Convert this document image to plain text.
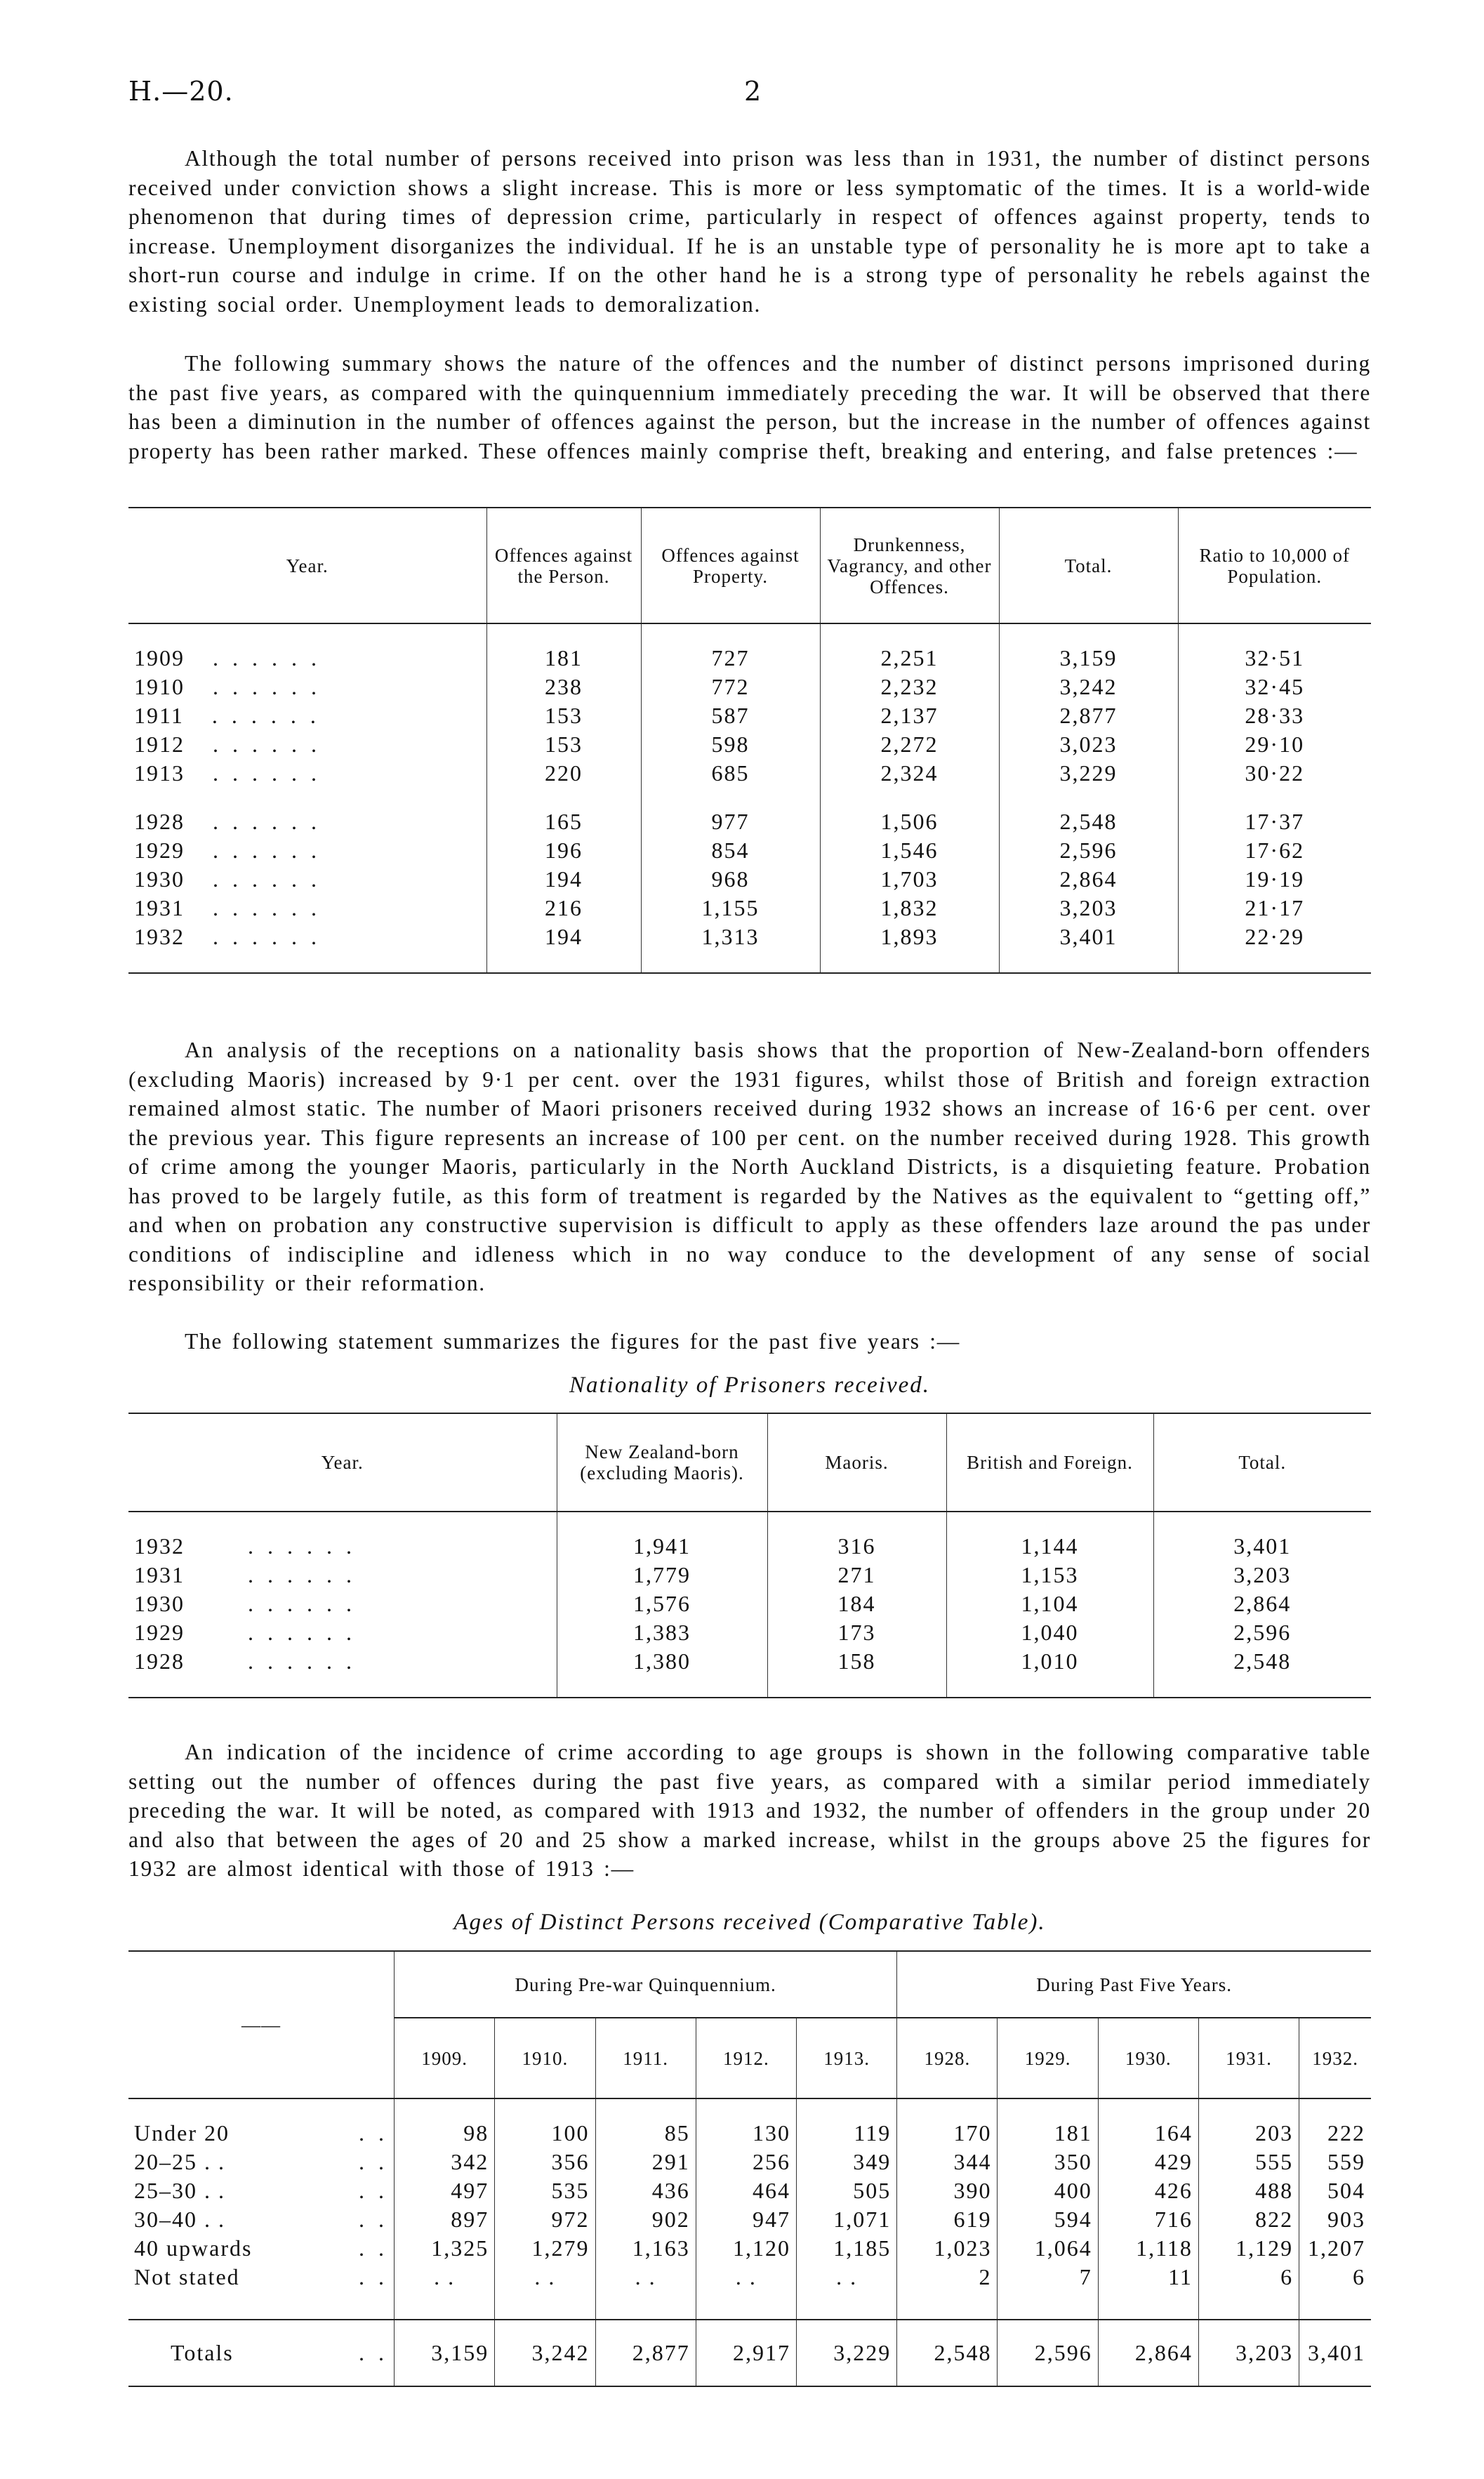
H.—20.	2

Although the total number of persons received into prison was less than in 1931, the number of distinct persons received under conviction shows a slight increase. This is more or less symptomatic of the times. It is a world-wide phenomenon that during times of depression crime, particularly in respect of offences against property, tends to increase. Unemployment disorganizes the individual. If he is an unstable type of personality he is more apt to take a short-run course and indulge in crime. If on the other hand he is a strong type of personality he rebels against the existing social order. Unemployment leads to demoralization.

The following summary shows the nature of the offences and the number of distinct persons imprisoned during the past five years, as compared with the quinquennium immediately preceding the war. It will be observed that there has been a diminution in the number of offences against the person, but the increase in the number of offences against property has been rather marked. These offences mainly comprise theft, breaking and entering, and false pretences :—

Year.	Offences against the Person.	Offences against Property.	Drunkenness, Vagrancy, and other Offences.	Total.	Ratio to 10,000 of Population.

1909 . . . . . .	181	727	2,251	3,159	32·51
1910 . . . . . .	238	772	2,232	3,242	32·45
1911 . . . . . .	153	587	2,137	2,877	28·33
1912 . . . . . .	153	598	2,272	3,023	29·10
1913 . . . . . .	220	685	2,324	3,229	30·22

1928 . . . . . .	165	977	1,506	2,548	17·37
1929 . . . . . .	196	854	1,546	2,596	17·62
1930 . . . . . .	194	968	1,703	2,864	19·19
1931 . . . . . .	216	1,155	1,832	3,203	21·17
1932 . . . . . .	194	1,313	1,893	3,401	22·29

An analysis of the receptions on a nationality basis shows that the proportion of New-Zealand-born offenders (excluding Maoris) increased by 9·1 per cent. over the 1931 figures, whilst those of British and foreign extraction remained almost static. The number of Maori prisoners received during 1932 shows an increase of 16·6 per cent. over the previous year. This figure represents an increase of 100 per cent. on the number received during 1928. This growth of crime among the younger Maoris, particularly in the North Auckland Districts, is a disquieting feature. Probation has proved to be largely futile, as this form of treatment is regarded by the Natives as the equivalent to “getting off,” and when on probation any constructive supervision is difficult to apply as these offenders laze around the pas under conditions of indiscipline and idleness which in no way conduce to the development of any sense of social responsibility or their reformation.

The following statement summarizes the figures for the past five years :—

Nationality of Prisoners received.
Year.	New Zealand-born (excluding Maoris).	Maoris.	British and Foreign.	Total.

1932 . . . . . .	1,941	316	1,144	3,401
1931 . . . . . .	1,779	271	1,153	3,203
1930 . . . . . .	1,576	184	1,104	2,864
1929 . . . . . .	1,383	173	1,040	2,596
1928 . . . . . .	1,380	158	1,010	2,548

An indication of the incidence of crime according to age groups is shown in the following comparative table setting out the number of offences during the past five years, as compared with a similar period immediately preceding the war. It will be noted, as compared with 1913 and 1932, the number of offenders in the group under 20 and also that between the ages of 20 and 25 show a marked increase, whilst in the groups above 25 the figures for 1932 are almost identical with those of 1913 :—

Ages of Distinct Persons received (Comparative Table).
——	During Pre-war Quinquennium.					During Past Five Years.				
	1909.	1910.	1911.	1912.	1913.	1928.	1929.	1930.	1931.	1932.

Under 20 . .	98	100	85	130	119	170	181	164	203	222
20–25 . . . .	342	356	291	256	349	344	350	429	555	559
25–30 . . . .	497	535	436	464	505	390	400	426	488	504
30–40 . . . .	897	972	902	947	1,071	619	594	716	822	903
40 upwards . .	1,325	1,279	1,163	1,120	1,185	1,023	1,064	1,118	1,129	1,207
Not stated . .	. .	. .	. .	. .	. .	2	7	11	6	6

Totals . .	3,159	3,242	2,877	2,917	3,229	2,548	2,596	2,864	3,203	3,401
